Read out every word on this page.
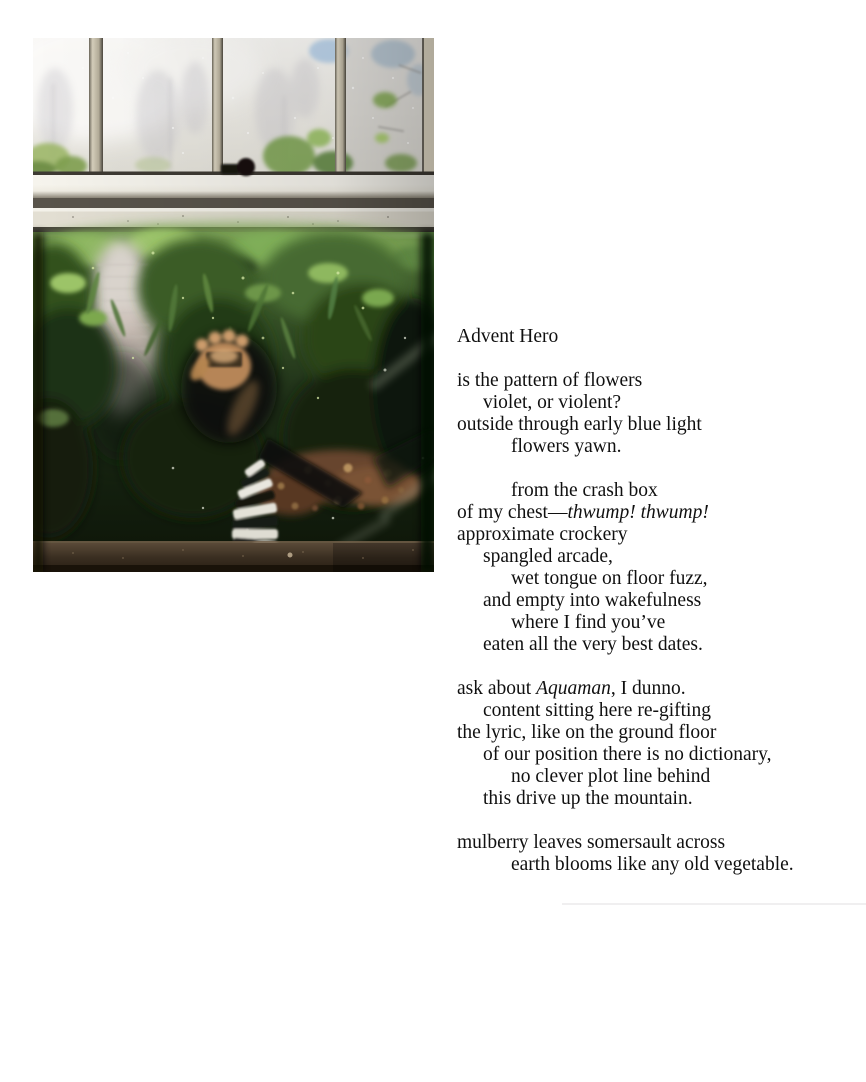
Advent Hero
is the pattern of flowers
violet, or violent?
outside through early blue light
flowers yawn.
from the crash box
of my chest—thwump! thwump!
approximate crockery
spangled arcade,
wet tongue on floor fuzz,
and empty into wakefulness
where I find you’ve
eaten all the very best dates.
ask about Aquaman, I dunno.
content sitting here re-gifting
the lyric, like on the ground floor
of our position there is no dictionary,
no clever plot line behind
this drive up the mountain.
mulberry leaves somersault across
earth blooms like any old vegetable.
